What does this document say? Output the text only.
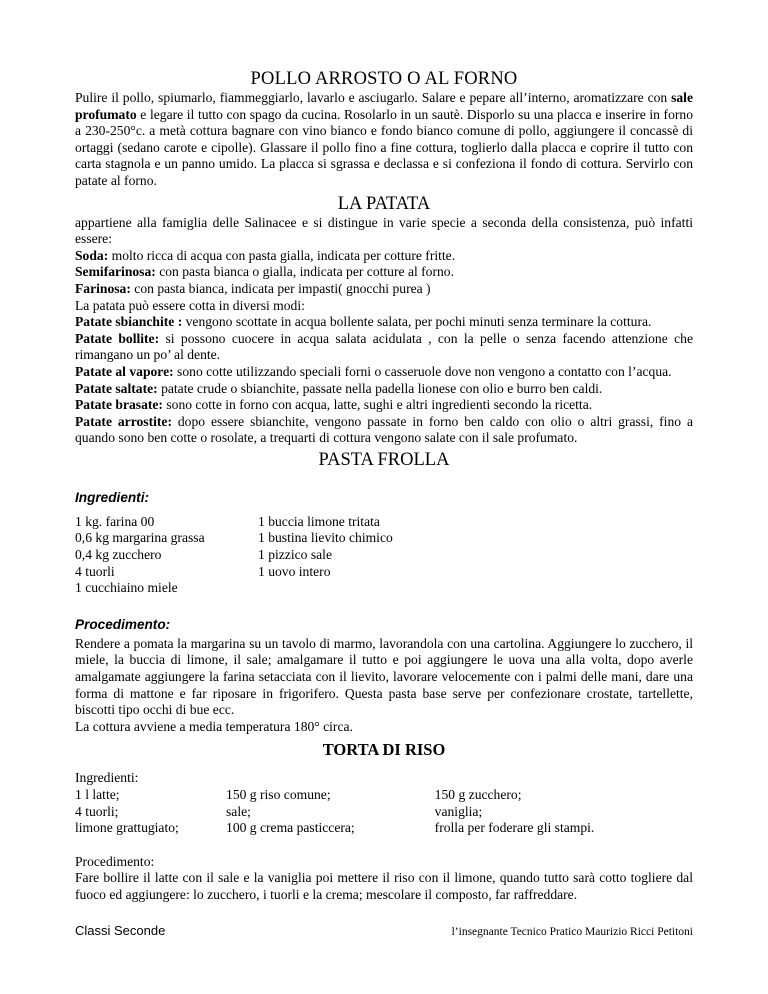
POLLO ARROSTO O AL FORNO

Pulire il pollo, spiumarlo, fiammeggiarlo, lavarlo e asciugarlo. Salare e pepare all’interno, aromatizzare con sale profumato e legare il tutto con spago da cucina. Rosolarlo in un sautè. Disporlo su una placca e inserire in forno a 230-250°c. a metà cottura bagnare con vino bianco e fondo bianco comune di pollo, aggiungere il concassè di ortaggi (sedano carote e cipolle). Glassare il pollo fino a fine cottura, toglierlo dalla placca e coprire il tutto con carta stagnola e un panno umido. La placca si sgrassa e declassa e si confeziona il fondo di cottura. Servirlo con patate al forno.

LA PATATA

appartiene alla famiglia delle Salinacee e si distingue in varie specie a seconda della consistenza, può infatti essere:

Soda: molto ricca di acqua con pasta gialla, indicata per cotture fritte.

Semifarinosa: con pasta bianca o gialla, indicata per cotture al forno.

Farinosa: con pasta bianca, indicata per impasti( gnocchi purea )

La patata può essere cotta in diversi modi:

Patate sbianchite : vengono scottate in acqua bollente salata, per pochi minuti senza terminare la cottura.

Patate bollite: si possono cuocere in acqua salata acidulata , con la pelle o senza facendo attenzione che rimangano un po’ al dente.

Patate al vapore: sono cotte utilizzando speciali forni o casseruole dove non vengono a contatto con l’acqua.

Patate saltate: patate crude o sbianchite, passate nella padella lionese con olio e burro ben caldi.

Patate brasate: sono cotte in forno con acqua, latte, sughi e altri ingredienti secondo la ricetta.

Patate arrostite: dopo essere sbianchite, vengono passate in forno ben caldo con olio o altri grassi, fino a quando sono ben cotte o rosolate, a trequarti di cottura vengono salate con il sale profumato.

PASTA FROLLA

Ingredienti:

1 kg. farina 00

0,6 kg margarina grassa

0,4 kg zucchero

4 tuorli

1 cucchiaino miele

1 buccia limone tritata

1 bustina lievito chimico

1 pizzico sale

1 uovo intero

Procedimento:

Rendere a pomata la margarina su un tavolo di marmo, lavorandola con una cartolina. Aggiungere lo zucchero, il miele, la buccia di limone, il sale; amalgamare il tutto e poi aggiungere le uova una alla volta, dopo averle amalgamate aggiungere la farina setacciata con il lievito, lavorare velocemente con i palmi delle mani, dare una forma di mattone e far riposare in frigorifero. Questa pasta base serve per confezionare crostate, tartellette, biscotti tipo occhi di bue ecc.

La cottura avviene a media temperatura 180° circa.

TORTA DI RISO

Ingredienti:

1 l latte;

4 tuorli;

limone grattugiato;

150 g riso comune;

sale;

100 g crema pasticcera;

150 g zucchero;

vaniglia;

frolla per foderare gli stampi.

Procedimento:

Fare bollire il latte con il sale e la vaniglia poi mettere il riso con il limone, quando tutto sarà cotto togliere dal fuoco ed aggiungere: lo zucchero, i tuorli e la crema; mescolare il composto, far raffreddare.

Classi Seconde	l’insegnante Tecnico Pratico Maurizio Ricci Petitoni
